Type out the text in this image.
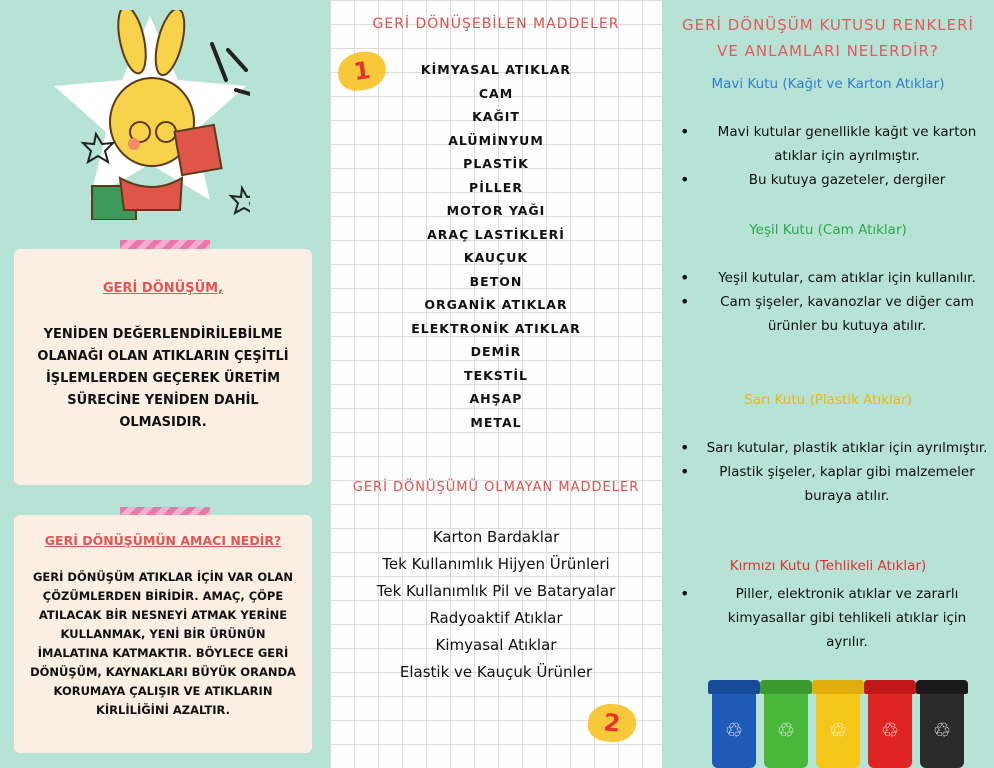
GERİ DÖNÜŞÜM,
YENİDEN DEĞERLENDİRİLEBİLME OLANAĞI OLAN ATIKLARIN ÇEŞİTLİ İŞLEMLERDEN GEÇEREK ÜRETİM SÜRECİNE YENİDEN DAHİL OLMASIDIR.
GERİ DÖNÜŞÜMÜN AMACI NEDİR?
GERİ DÖNÜŞÜM ATIKLAR İÇİN VAR OLAN ÇÖZÜMLERDEN BİRİDİR. AMAÇ, ÇÖPE ATILACAK BİR NESNEYİ ATMAK YERİNE KULLANMAK, YENİ BİR ÜRÜNÜN İMALATINA KATMAKTIR. BÖYLECE GERİ DÖNÜŞÜM, KAYNAKLARI BÜYÜK ORANDA KORUMAYA ÇALIŞIR VE ATIKLARIN KİRLİLİĞİNİ AZALTIR.
GERİ DÖNÜŞEBİLEN MADDELER
1	KİMYASAL ATIKLAR
CAM
KAĞIT
ALÜMİNYUM
PLASTİK
PİLLER
MOTOR YAĞI
ARAÇ LASTİKLERİ
KAUÇUK
BETON
ORGANİK ATIKLAR
ELEKTRONİK ATIKLAR
DEMİR
TEKSTİL
AHŞAP
METAL
GERİ DÖNÜŞÜMÜ OLMAYAN MADDELER
Karton Bardaklar
Tek Kullanımlık Hijyen Ürünleri
Tek Kullanımlık Pil ve Bataryalar
Radyoaktif Atıklar
Kimyasal Atıklar
Elastik ve Kauçuk Ürünler
2
GERİ DÖNÜŞÜM KUTUSU RENKLERİ
VE ANLAMLARI NELERDİR?
Mavi Kutu (Kağıt ve Karton Atıklar)
• Mavi kutular genellikle kağıt ve karton atıklar için ayrılmıştır.
• Bu kutuya gazeteler, dergiler
Yeşil Kutu (Cam Atıklar)
• Yeşil kutular, cam atıklar için kullanılır.
• Cam şişeler, kavanozlar ve diğer cam ürünler bu kutuya atılır.
Sarı Kutu (Plastik Atıklar)
• Sarı kutular, plastik atıklar için ayrılmıştır.
• Plastik şişeler, kaplar gibi malzemeler buraya atılır.
Kırmızı Kutu (Tehlikeli Atıklar)
• Piller, elektronik atıklar ve zararlı kimyasallar gibi tehlikeli atıklar için ayrılır.
♲	♲	♲	♲	♲
